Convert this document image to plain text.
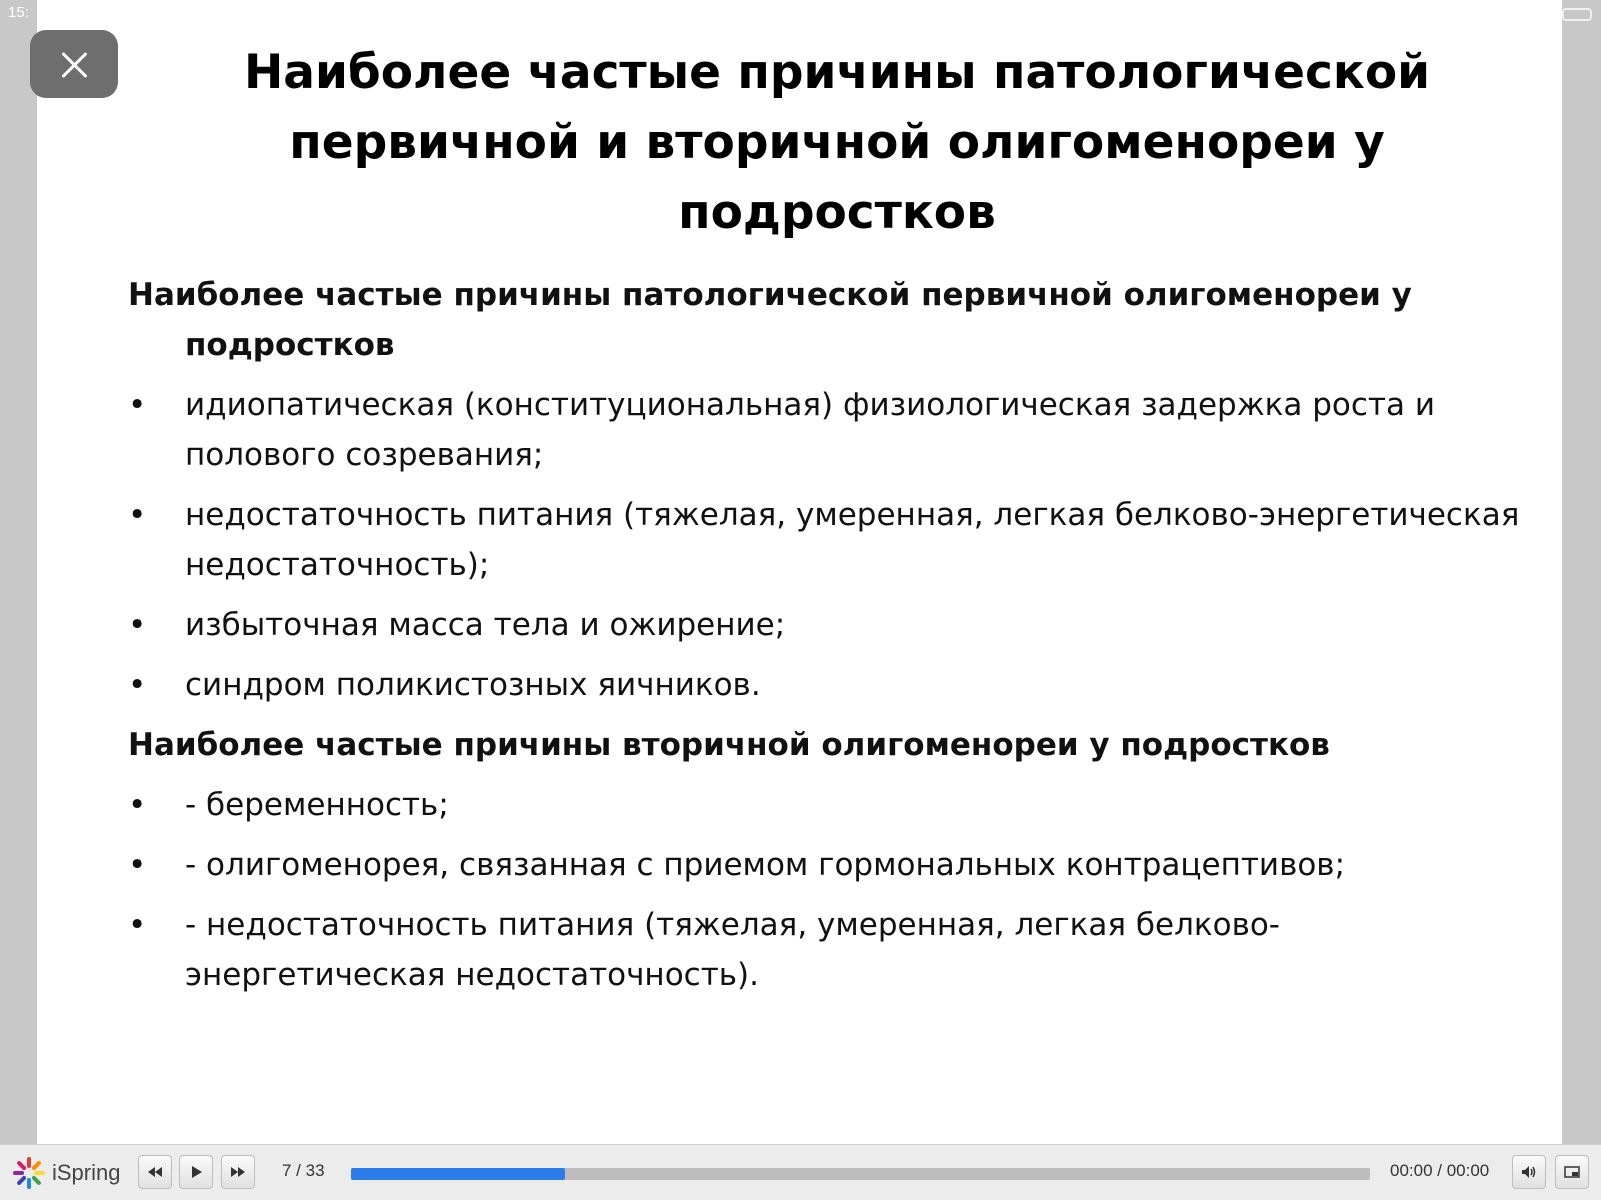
15:
Наиболее частые причины патологической
первичной и вторичной олигоменореи у
подростков
Наиболее частые причины патологической первичной олигоменореи у подростков
• идиопатическая (конституциональная) физиологическая задержка роста и полового созревания;
• недостаточность питания (тяжелая, умеренная, легкая белково-энергетическая недостаточность);
• избыточная масса тела и ожирение;
• синдром поликистозных яичников.
Наиболее частые причины вторичной олигоменореи у подростков
• - беременность;
• - олигоменорея, связанная с приемом гормональных контрацептивов;
• - недостаточность питания (тяжелая, умеренная, легкая белково-энергетическая недостаточность).
iSpring	7 / 33	00:00 / 00:00
